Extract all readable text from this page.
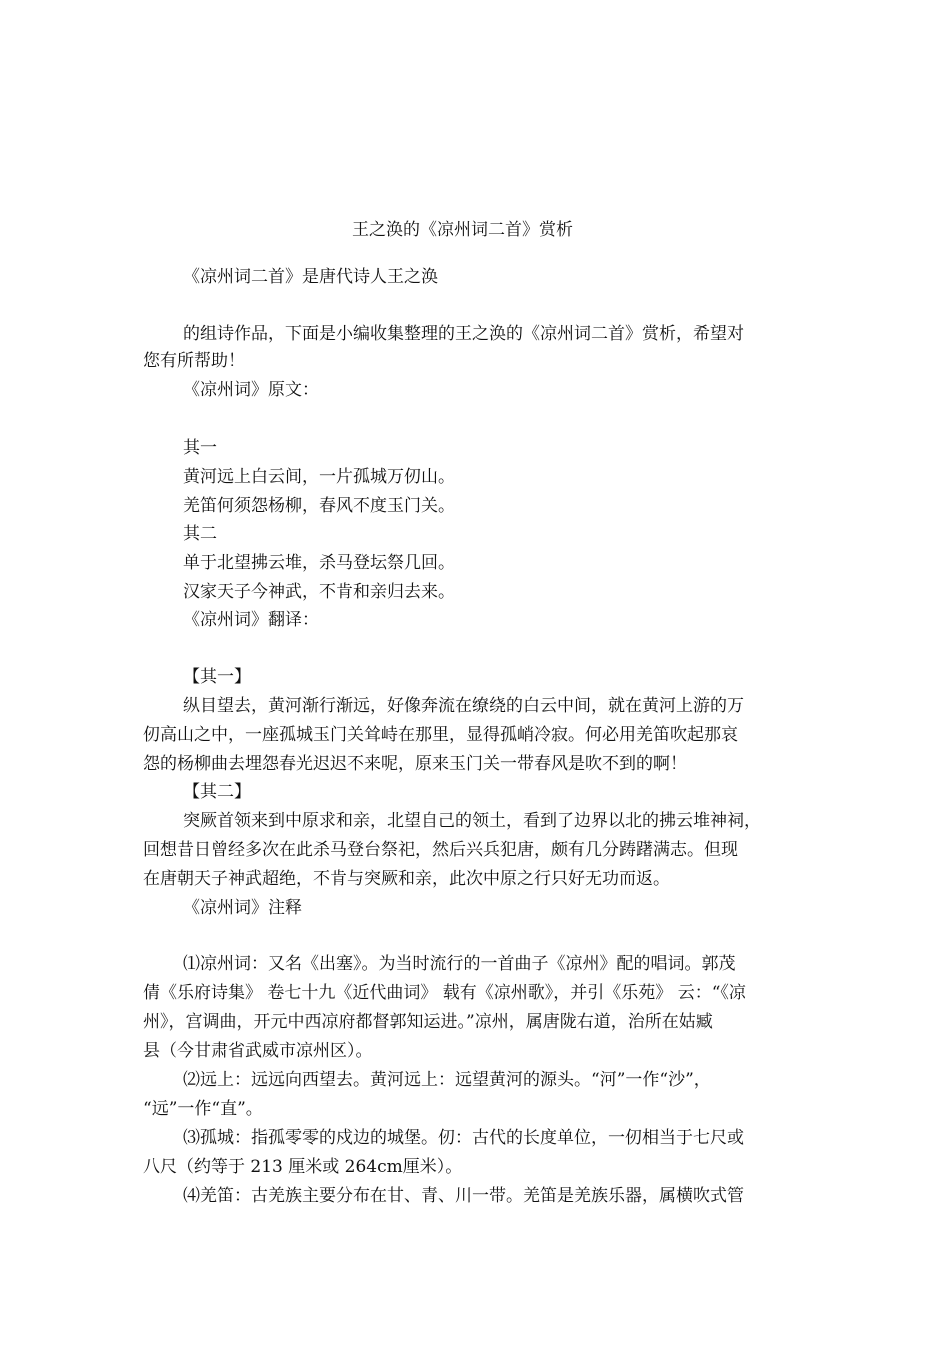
王之涣的《凉州词二首》赏析
《凉州词二首》是唐代诗人王之涣
的组诗作品，下面是小编收集整理的王之涣的《凉州词二首》赏析，希望对
您有所帮助！
《凉州词》原文：
其一
黄河远上白云间，一片孤城万仞山。
羌笛何须怨杨柳，春风不度玉门关。
其二
单于北望拂云堆，杀马登坛祭几回。
汉家天子今神武，不肯和亲归去来。
《凉州词》翻译：
【其一】
纵目望去，黄河渐行渐远，好像奔流在缭绕的白云中间，就在黄河上游的万
仞高山之中，一座孤城玉门关耸峙在那里，显得孤峭冷寂。何必用羌笛吹起那哀
怨的杨柳曲去埋怨春光迟迟不来呢，原来玉门关一带春风是吹不到的啊！
【其二】
突厥首领来到中原求和亲，北望自己的领土，看到了边界以北的拂云堆神祠，
回想昔日曾经多次在此杀马登台祭祀，然后兴兵犯唐，颇有几分踌躇满志。但现
在唐朝天子神武超绝，不肯与突厥和亲，此次中原之行只好无功而返。
《凉州词》注释
⑴凉州词：又名《出塞》。为当时流行的一首曲子《凉州》配的唱词。郭茂
倩《乐府诗集》 卷七十九《近代曲词》 载有《凉州歌》，并引《乐苑》 云：“《凉
州》，宫调曲，开元中西凉府都督郭知运进。”凉州，属唐陇右道，治所在姑臧
县（今甘肃省武威市凉州区）。
⑵远上：远远向西望去。黄河远上：远望黄河的源头。“河”一作“沙”，
“远”一作“直”。
⑶孤城：指孤零零的戍边的城堡。仞：古代的长度单位，一仞相当于七尺或
八尺（约等于 213 厘米或 264cm厘米）。
⑷羌笛：古羌族主要分布在甘、青、川一带。羌笛是羌族乐器，属横吹式管
